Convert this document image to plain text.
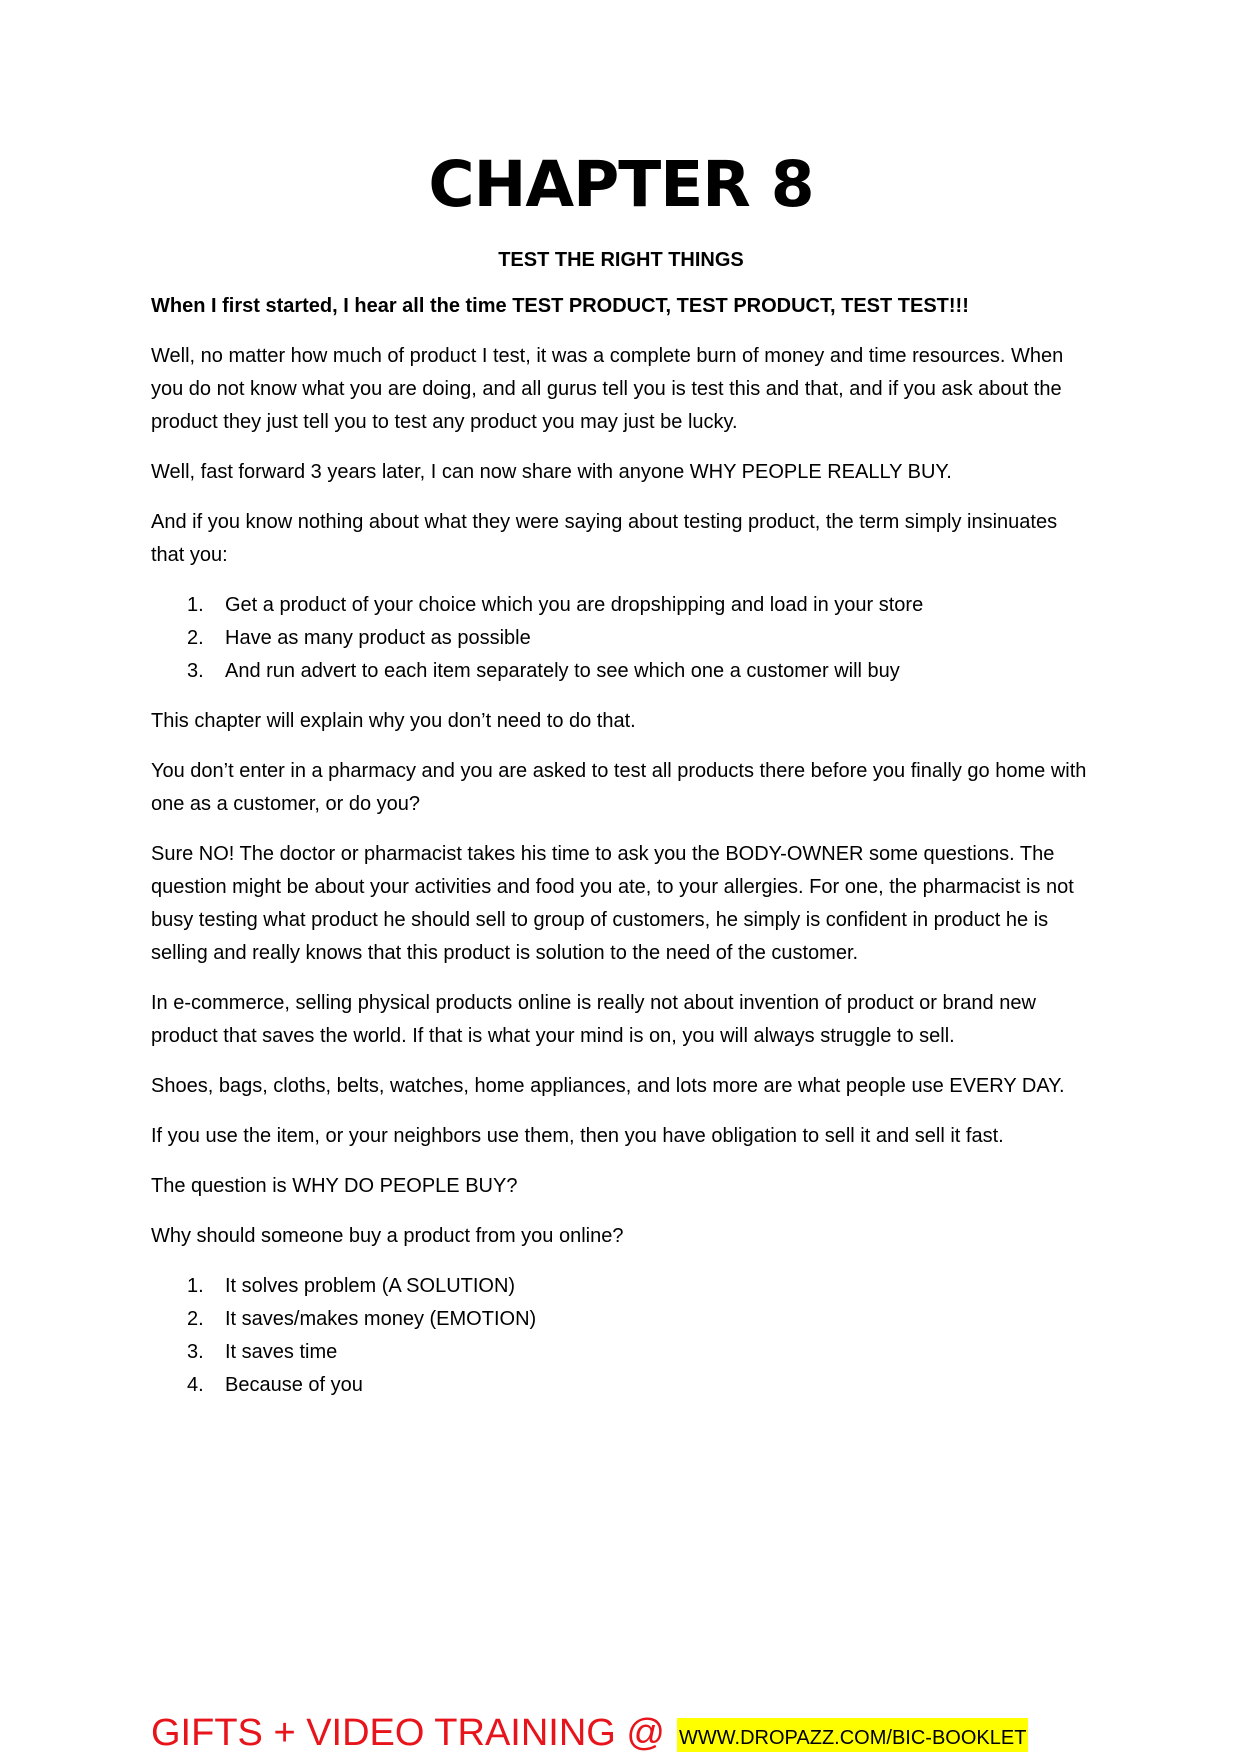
CHAPTER 8
TEST THE RIGHT THINGS
When I first started, I hear all the time TEST PRODUCT, TEST PRODUCT, TEST TEST!!!

Well, no matter how much of product I test, it was a complete burn of money and time resources. When you do not know what you are doing, and all gurus tell you is test this and that, and if you ask about the product they just tell you to test any product you may just be lucky.

Well, fast forward 3 years later, I can now share with anyone WHY PEOPLE REALLY BUY.

And if you know nothing about what they were saying about testing product, the term simply insinuates that you:

1. Get a product of your choice which you are dropshipping and load in your store
2. Have as many product as possible
3. And run advert to each item separately to see which one a customer will buy

This chapter will explain why you don’t need to do that.

You don’t enter in a pharmacy and you are asked to test all products there before you finally go home with one as a customer, or do you?

Sure NO! The doctor or pharmacist takes his time to ask you the BODY-OWNER some questions. The question might be about your activities and food you ate, to your allergies. For one, the pharmacist is not busy testing what product he should sell to group of customers, he simply is confident in product he is selling and really knows that this product is solution to the need of the customer.

In e-commerce, selling physical products online is really not about invention of product or brand new product that saves the world. If that is what your mind is on, you will always struggle to sell.

Shoes, bags, cloths, belts, watches, home appliances, and lots more are what people use EVERY DAY.

If you use the item, or your neighbors use them, then you have obligation to sell it and sell it fast.

The question is WHY DO PEOPLE BUY?

Why should someone buy a product from you online?

1. It solves problem (A SOLUTION)
2. It saves/makes money (EMOTION)
3. It saves time
4. Because of you
GIFTS + VIDEO TRAINING @ WWW.DROPAZZ.COM/BIC-BOOKLET
